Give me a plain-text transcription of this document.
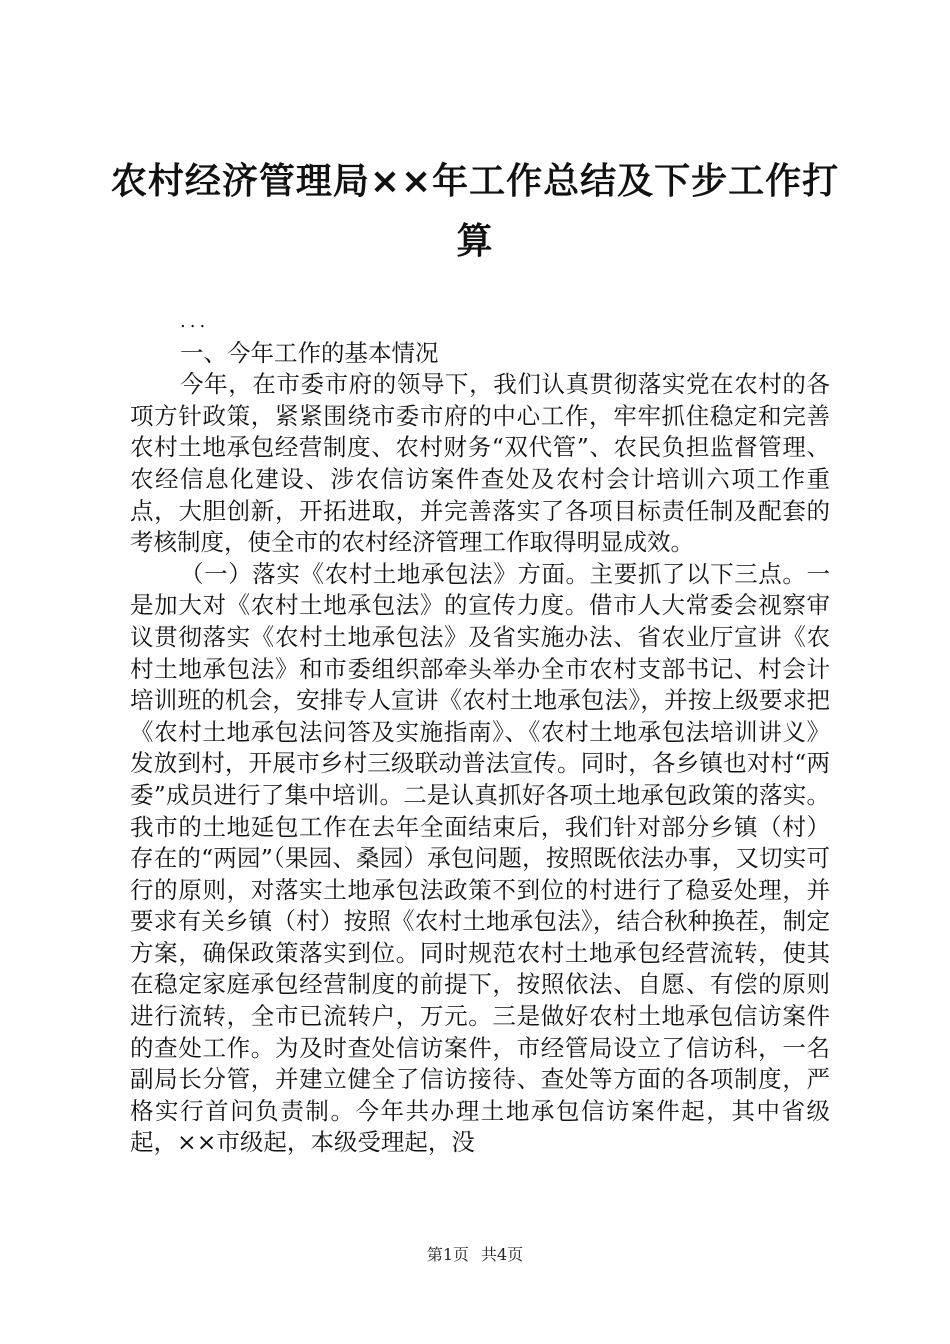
农村经济管理局××年工作总结及下步工作打算

...

一、今年工作的基本情况

今年，在市委市府的领导下，我们认真贯彻落实党在农村的各项方针政策，紧紧围绕市委市府的中心工作，牢牢抓住稳定和完善农村土地承包经营制度、农村财务“双代管”、农民负担监督管理、农经信息化建设、涉农信访案件查处及农村会计培训六项工作重点，大胆创新，开拓进取，并完善落实了各项目标责任制及配套的考核制度，使全市的农村经济管理工作取得明显成效。

（一）落实《农村土地承包法》方面。主要抓了以下三点。一是加大对《农村土地承包法》的宣传力度。借市人大常委会视察审议贯彻落实《农村土地承包法》及省实施办法、省农业厅宣讲《农村土地承包法》和市委组织部牵头举办全市农村支部书记、村会计培训班的机会，安排专人宣讲《农村土地承包法》，并按上级要求把《农村土地承包法问答及实施指南》、《农村土地承包法培训讲义》发放到村，开展市乡村三级联动普法宣传。同时，各乡镇也对村“两委”成员进行了集中培训。二是认真抓好各项土地承包政策的落实。我市的土地延包工作在去年全面结束后，我们针对部分乡镇（村）存在的“两园”（果园、桑园）承包问题，按照既依法办事，又切实可行的原则，对落实土地承包法政策不到位的村进行了稳妥处理，并要求有关乡镇（村）按照《农村土地承包法》，结合秋种换茬，制定方案，确保政策落实到位。同时规范农村土地承包经营流转，使其在稳定家庭承包经营制度的前提下，按照依法、自愿、有偿的原则进行流转，全市已流转户，万元。三是做好农村土地承包信访案件的查处工作。为及时查处信访案件，市经管局设立了信访科，一名副局长分管，并建立健全了信访接待、查处等方面的各项制度，严格实行首问负责制。今年共办理土地承包信访案件起，其中省级起，××市级起，本级受理起，没

第1页 共4页
